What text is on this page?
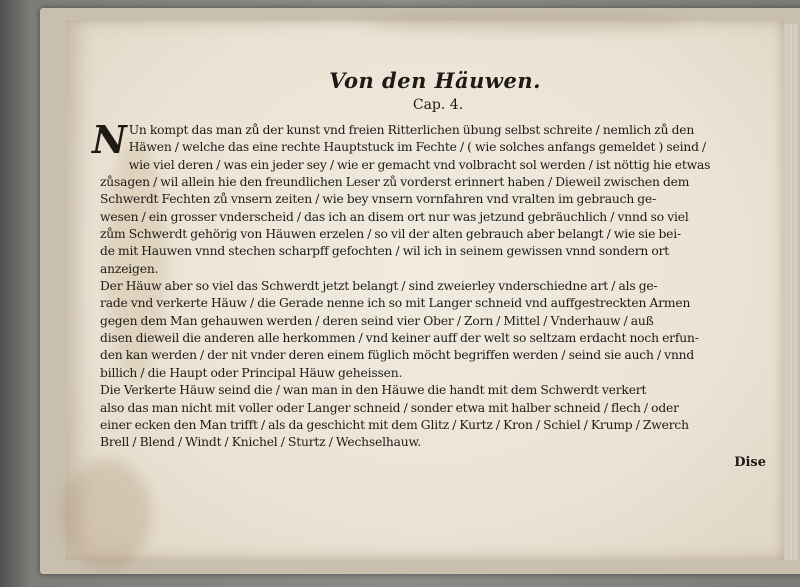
Von den Häuwen.
Cap. 4.
N Un kompt das man zů der kunst vnd freien Ritterlichen übung selbst schreite / nemlich zů den
Häwen / welche das eine rechte Hauptstuck im Fechte / ( wie solches anfangs gemeldet ) seind /
wie viel deren / was ein jeder sey / wie er gemacht vnd volbracht sol werden / ist nöttig hie etwas
zůsagen / wil allein hie den freundlichen Leser zů vorderst erinnert haben / Dieweil zwischen dem
Schwerdt Fechten zů vnsern zeiten / wie bey vnsern vornfahren vnd vralten im gebrauch ge-
wesen / ein grosser vnderscheid / das ich an disem ort nur was jetzund gebräuchlich / vnnd so viel
zům Schwerdt gehörig von Häuwen erzelen / so vil der alten gebrauch aber belangt / wie sie bei-
de mit Hauwen vnnd stechen scharpff gefochten / wil ich in seinem gewissen vnnd sondern ort
anzeigen.
Der Häuw aber so viel das Schwerdt jetzt belangt / sind zweierley vnderschiedne art / als ge-
rade vnd verkerte Häuw / die Gerade nenne ich so mit Langer schneid vnd auffgestreckten Armen
gegen dem Man gehauwen werden / deren seind vier Ober / Zorn / Mittel / Vnderhauw / auß
disen dieweil die anderen alle herkommen / vnd keiner auff der welt so seltzam erdacht noch erfun-
den kan werden / der nit vnder deren einem füglich möcht begriffen werden / seind sie auch / vnnd
billich / die Haupt oder Principal Häuw geheissen.
Die Verkerte Häuw seind die / wan man in den Häuwe die handt mit dem Schwerdt verkert
also das man nicht mit voller oder Langer schneid / sonder etwa mit halber schneid / flech / oder
einer ecken den Man trifft / als da geschicht mit dem Glitz / Kurtz / Kron / Schiel / Krump / Zwerch
Brell / Blend / Windt / Knichel / Sturtz / Wechselhauw.
Dise
